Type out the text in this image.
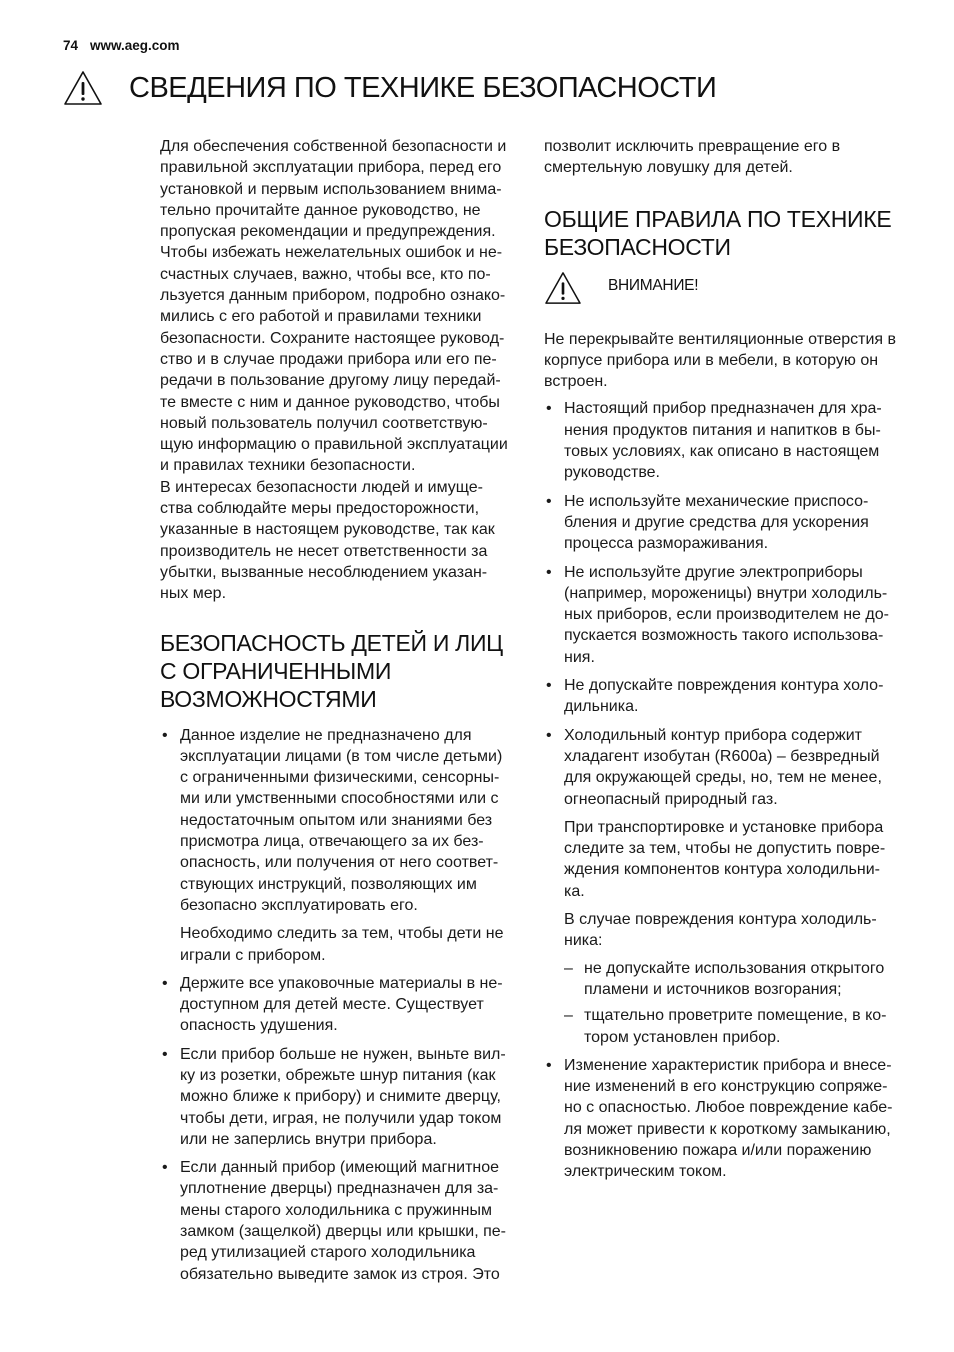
74 www.aeg.com
СВЕДЕНИЯ ПО ТЕХНИКЕ БЕЗОПАСНОСТИ

Для обеспечения собственной безопасности и правильной эксплуатации прибора, перед его установкой и первым использованием внима-тельно прочитайте данное руководство, не пропуская рекомендации и предупреждения. Чтобы избежать нежелательных ошибок и не-счастных случаев, важно, чтобы все, кто по-льзуется данным прибором, подробно ознако-мились с его работой и правилами техники безопасности. Сохраните настоящее руковод-ство и в случае продажи прибора или его пе-редачи в пользование другому лицу передай-те вместе с ним и данное руководство, чтобы новый пользователь получил соответствую-щую информацию о правильной эксплуатации и правилах техники безопасности.

В интересах безопасности людей и имуще-ства соблюдайте меры предосторожности, указанные в настоящем руководстве, так как производитель не несет ответственности за убытки, вызванные несоблюдением указан-ных мер.

БЕЗОПАСНОСТЬ ДЕТЕЙ И ЛИЦ С ОГРАНИЧЕННЫМИ ВОЗМОЖНОСТЯМИ
• Данное изделие не предназначено для эксплуатации лицами (в том числе детьми) с ограниченными физическими, сенсорны-ми или умственными способностями или с недостаточным опытом или знаниями без присмотра лица, отвечающего за их без-опасность, или получения от него соответ-ствующих инструкций, позволяющих им безопасно эксплуатировать его.

Необходимо следить за тем, чтобы дети не играли с прибором.

• Держите все упаковочные материалы в не-доступном для детей месте. Существует опасность удушения.
• Если прибор больше не нужен, выньте вил-ку из розетки, обрежьте шнур питания (как можно ближе к прибору) и снимите дверцу, чтобы дети, играя, не получили удар током или не заперлись внутри прибора.
• Если данный прибор (имеющий магнитное уплотнение дверцы) предназначен для за-мены старого холодильника с пружинным замком (защелкой) дверцы или крышки, пе-ред утилизацией старого холодильника обязательно выведите замок из строя. Это

позволит исключить превращение его в смертельную ловушку для детей.

ОБЩИЕ ПРАВИЛА ПО ТЕХНИКЕ БЕЗОПАСНОСТИ
ВНИМАНИЕ!

Не перекрывайте вентиляционные отверстия в корпусе прибора или в мебели, в которую он встроен.

• Настоящий прибор предназначен для хра-нения продуктов питания и напитков в бы-товых условиях, как описано в настоящем руководстве.
• Не используйте механические приспосо-бления и другие средства для ускорения процесса размораживания.
• Не используйте другие электроприборы (например, мороженицы) внутри холодиль-ных приборов, если производителем не до-пускается возможность такого использова-ния.
• Не допускайте повреждения контура холо-дильника.
• Холодильный контур прибора содержит хладагент изобутан (R600a) – безвредный для окружающей среды, но, тем не менее, огнеопасный природный газ.

При транспортировке и установке прибора следите за тем, чтобы не допустить повре-ждения компонентов контура холодильни-ка.

В случае повреждения контура холодиль-ника:

– не допускайте использования открытого пламени и источников возгорания;
– тщательно проветрите помещение, в ко-тором установлен прибор.
• Изменение характеристик прибора и внесе-ние изменений в его конструкцию сопряже-но с опасностью. Любое повреждение кабе-ля может привести к короткому замыканию, возникновению пожара и/или поражению электрическим током.
